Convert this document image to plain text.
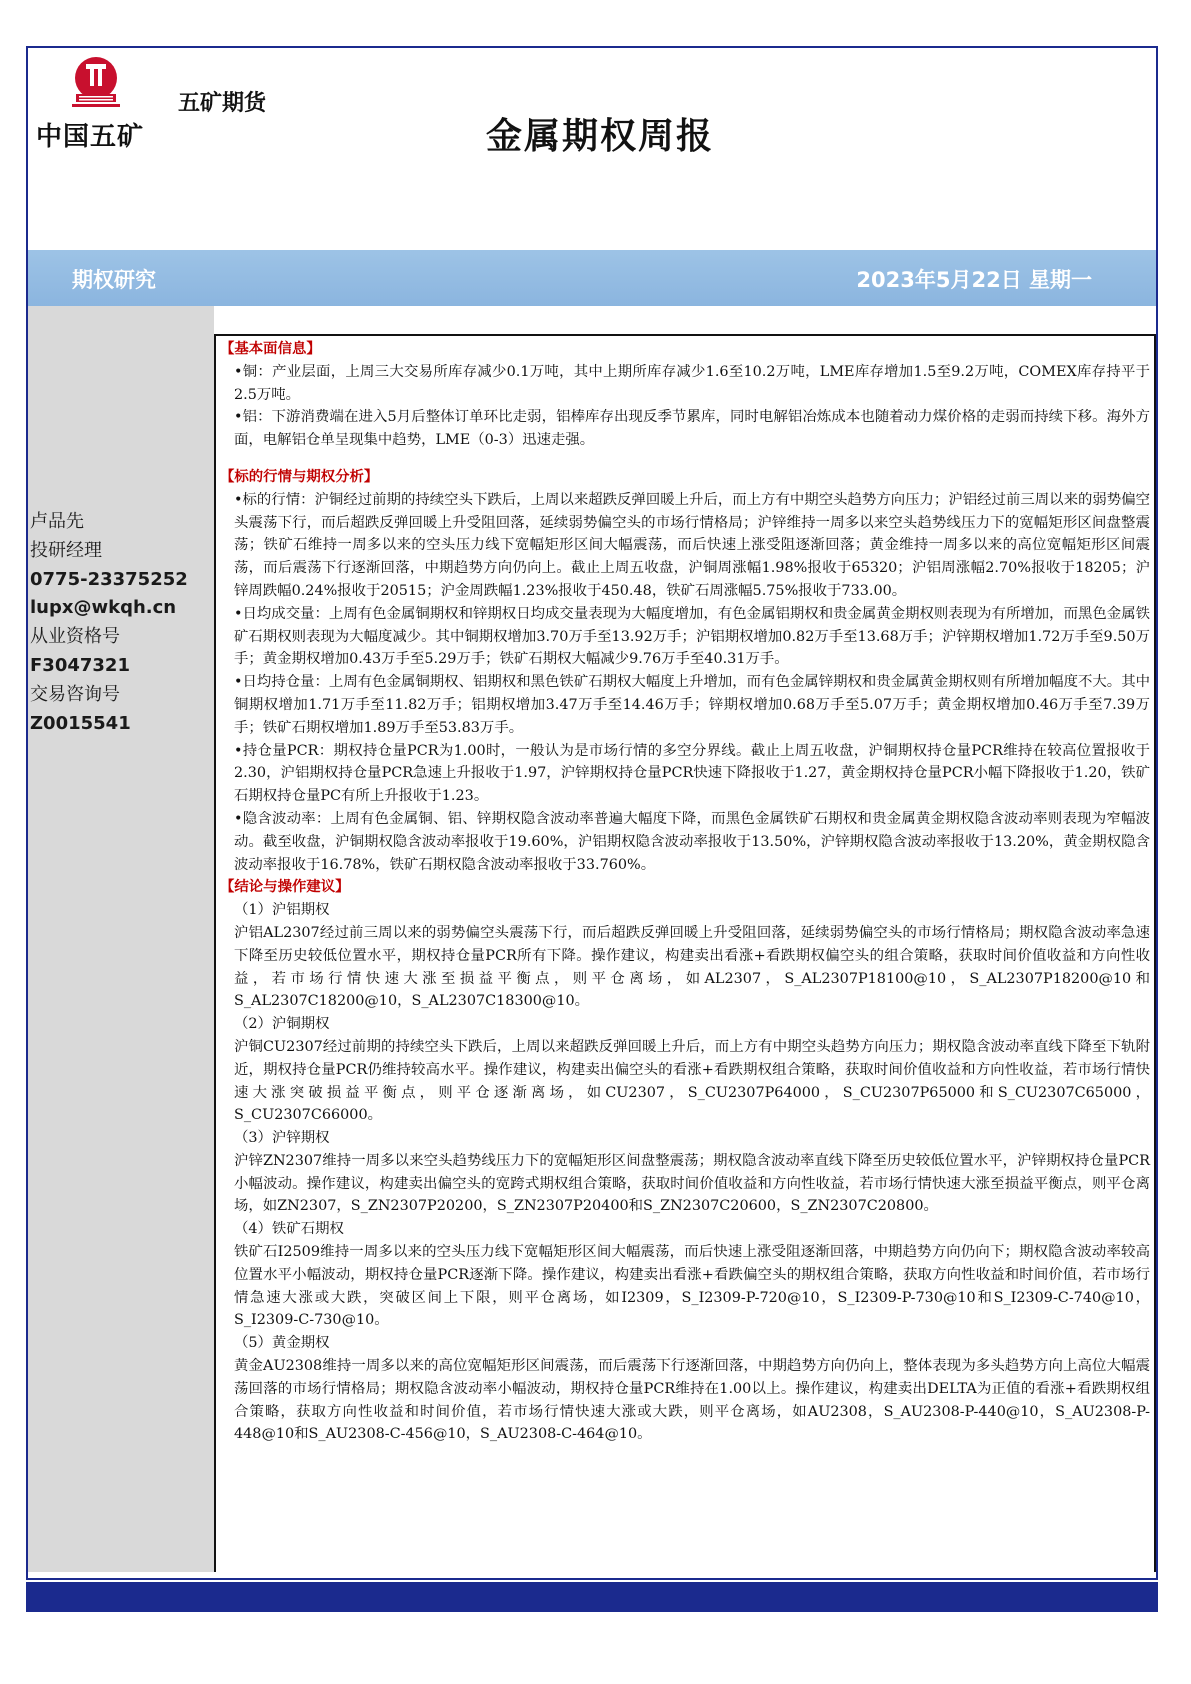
中国五矿
五矿期货
金属期权周报
期权研究	2023年5月22日 星期一
卢品先
投研经理
0775-23375252
lupx@wkqh.cn
从业资格号
F3047321
交易咨询号
Z0015541

【基本面信息】

•铜：产业层面，上周三大交易所库存减少0.1万吨，其中上期所库存减少1.6至10.2万吨，LME库存增加1.5至9.2万吨，COMEX库存持平于2.5万吨。

•铝：下游消费端在进入5月后整体订单环比走弱，铝棒库存出现反季节累库，同时电解铝冶炼成本也随着动力煤价格的走弱而持续下移。海外方面，电解铝仓单呈现集中趋势，LME（0-3）迅速走强。

【标的行情与期权分析】

•标的行情：沪铜经过前期的持续空头下跌后，上周以来超跌反弹回暖上升后，而上方有中期空头趋势方向压力；沪铝经过前三周以来的弱势偏空头震荡下行，而后超跌反弹回暖上升受阻回落，延续弱势偏空头的市场行情格局；沪锌维持一周多以来空头趋势线压力下的宽幅矩形区间盘整震荡；铁矿石维持一周多以来的空头压力线下宽幅矩形区间大幅震荡，而后快速上涨受阻逐渐回落；黄金维持一周多以来的高位宽幅矩形区间震荡，而后震荡下行逐渐回落，中期趋势方向仍向上。截止上周五收盘，沪铜周涨幅1.98%报收于65320；沪铝周涨幅2.70%报收于18205；沪锌周跌幅0.24%报收于20515；沪金周跌幅1.23%报收于450.48，铁矿石周涨幅5.75%报收于733.00。

•日均成交量：上周有色金属铜期权和锌期权日均成交量表现为大幅度增加，有色金属铝期权和贵金属黄金期权则表现为有所增加，而黑色金属铁矿石期权则表现为大幅度减少。其中铜期权增加3.70万手至13.92万手；沪铝期权增加0.82万手至13.68万手；沪锌期权增加1.72万手至9.50万手；黄金期权增加0.43万手至5.29万手；铁矿石期权大幅减少9.76万手至40.31万手。

•日均持仓量：上周有色金属铜期权、铝期权和黑色铁矿石期权大幅度上升增加，而有色金属锌期权和贵金属黄金期权则有所增加幅度不大。其中铜期权增加1.71万手至11.82万手；铝期权增加3.47万手至14.46万手；锌期权增加0.68万手至5.07万手；黄金期权增加0.46万手至7.39万手；铁矿石期权增加1.89万手至53.83万手。

•持仓量PCR：期权持仓量PCR为1.00时，一般认为是市场行情的多空分界线。截止上周五收盘，沪铜期权持仓量PCR维持在较高位置报收于2.30，沪铝期权持仓量PCR急速上升报收于1.97，沪锌期权持仓量PCR快速下降报收于1.27，黄金期权持仓量PCR小幅下降报收于1.20，铁矿石期权持仓量PC有所上升报收于1.23。

•隐含波动率：上周有色金属铜、铝、锌期权隐含波动率普遍大幅度下降，而黑色金属铁矿石期权和贵金属黄金期权隐含波动率则表现为窄幅波动。截至收盘，沪铜期权隐含波动率报收于19.60%，沪铝期权隐含波动率报收于13.50%，沪锌期权隐含波动率报收于13.20%，黄金期权隐含波动率报收于16.78%，铁矿石期权隐含波动率报收于33.760%。

【结论与操作建议】

（1）沪铝期权

沪铝AL2307经过前三周以来的弱势偏空头震荡下行，而后超跌反弹回暖上升受阻回落，延续弱势偏空头的市场行情格局；期权隐含波动率急速下降至历史较低位置水平，期权持仓量PCR所有下降。操作建议，构建卖出看涨+看跌期权偏空头的组合策略，获取时间价值收益和方向性收益，若市场行情快速大涨至损益平衡点，则平仓离场，如AL2307，S_AL2307P18100@10，S_AL2307P18200@10和S_AL2307C18200@10，S_AL2307C18300@10。

（2）沪铜期权

沪铜CU2307经过前期的持续空头下跌后，上周以来超跌反弹回暖上升后，而上方有中期空头趋势方向压力；期权隐含波动率直线下降至下轨附近，期权持仓量PCR仍维持较高水平。操作建议，构建卖出偏空头的看涨+看跌期权组合策略，获取时间价值收益和方向性收益，若市场行情快速大涨突破损益平衡点，则平仓逐渐离场，如CU2307，S_CU2307P64000，S_CU2307P65000和S_CU2307C65000，S_CU2307C66000。

（3）沪锌期权

沪锌ZN2307维持一周多以来空头趋势线压力下的宽幅矩形区间盘整震荡；期权隐含波动率直线下降至历史较低位置水平，沪锌期权持仓量PCR小幅波动。操作建议，构建卖出偏空头的宽跨式期权组合策略，获取时间价值收益和方向性收益，若市场行情快速大涨至损益平衡点，则平仓离场，如ZN2307，S_ZN2307P20200，S_ZN2307P20400和S_ZN2307C20600，S_ZN2307C20800。

（4）铁矿石期权

铁矿石I2509维持一周多以来的空头压力线下宽幅矩形区间大幅震荡，而后快速上涨受阻逐渐回落，中期趋势方向仍向下；期权隐含波动率较高位置水平小幅波动，期权持仓量PCR逐渐下降。操作建议，构建卖出看涨+看跌偏空头的期权组合策略，获取方向性收益和时间价值，若市场行情急速大涨或大跌，突破区间上下限，则平仓离场，如I2309，S_I2309-P-720@10，S_I2309-P-730@10和S_I2309-C-740@10，S_I2309-C-730@10。

（5）黄金期权

黄金AU2308维持一周多以来的高位宽幅矩形区间震荡，而后震荡下行逐渐回落，中期趋势方向仍向上，整体表现为多头趋势方向上高位大幅震荡回落的市场行情格局；期权隐含波动率小幅波动，期权持仓量PCR维持在1.00以上。操作建议，构建卖出DELTA为正值的看涨+看跌期权组合策略，获取方向性收益和时间价值，若市场行情快速大涨或大跌，则平仓离场，如AU2308，S_AU2308-P-440@10，S_AU2308-P-448@10和S_AU2308-C-456@10，S_AU2308-C-464@10。
